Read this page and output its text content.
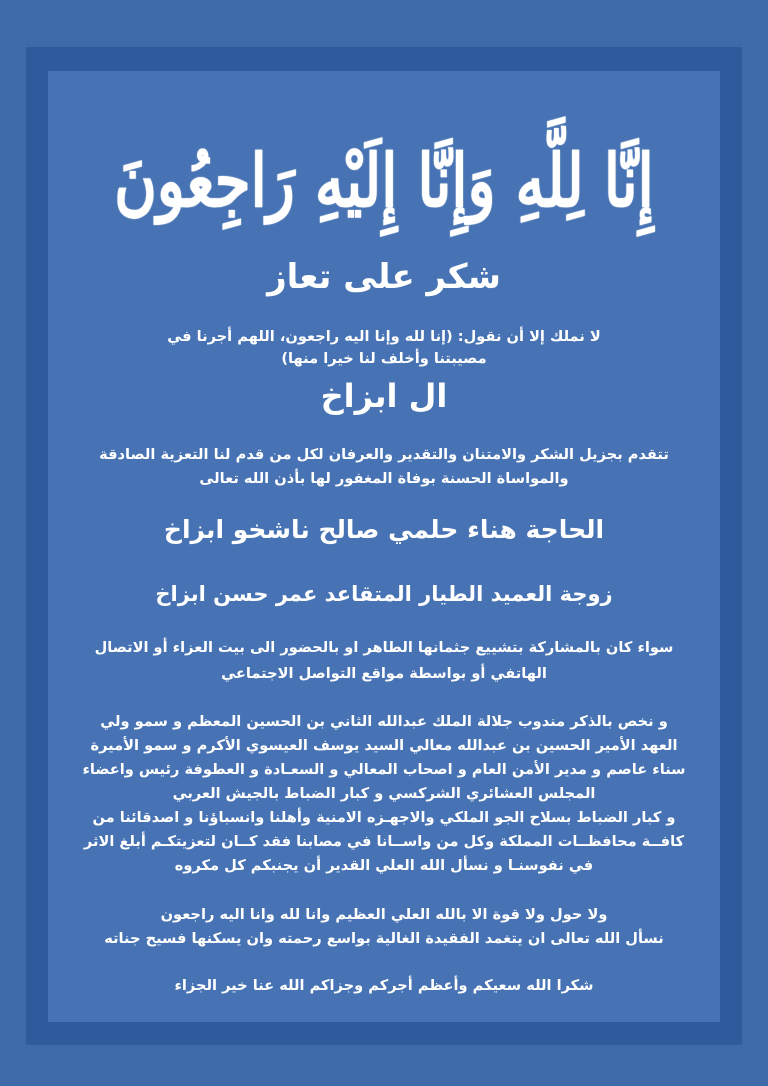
إِنَّا لِلَّهِ وَإِنَّا إِلَيْهِ رَاجِعُونَ
شكر على تعاز
لا نملك إلا أن نقول: (إنا لله وإنا اليه راجعون، اللهم أجرنا في
مصيبتنا وأخلف لنا خيرا منها)
ال ابزاخ
تتقدم بجزيل الشكر والامتنان والتقدير والعرفان لكل من قدم لنا التعزية الصادقة
والمواساة الحسنة بوفاة المغفور لها بأذن الله تعالى
الحاجة هناء حلمي صالح ناشخو ابزاخ
زوجة العميد الطيار المتقاعد عمر حسن ابزاخ
سواء كان بالمشاركة بتشييع جثمانها الطاهر او بالحضور الى بيت العزاء أو الاتصال
الهاتفي أو بواسطة مواقع التواصل الاجتماعي
و نخص بالذكر مندوب جلالة الملك عبدالله الثاني بن الحسين المعظم و سمو ولي
العهد الأمير الحسين بن عبدالله معالي السيد يوسف العيسوي الأكرم و سمو الأميرة
سناء عاصم و مدير الأمن العام و اصحاب المعالي و السعـادة و العطوفة رئيس واعضاء
المجلس العشائري الشركسي و كبار الضباط بالجيش العربي
و كبار الضباط بسلاح الجو الملكي والاجهـزه الامنية وأهلنا وانسباؤنا و اصدقائنا من
كافــة محافظــات المملكة وكل من واســانا في مصابنا فقد كــان لتعزيتكـم أبلغ الاثر
في نفوسنـا و نسأل الله العلي القدير أن يجنبكم كل مكروه
ولا حول ولا قوة الا بالله العلي العظيم وانا لله وانا اليه راجعون
نسأل الله تعالى ان يتغمد الفقيدة الغالية بواسع رحمته وان يسكنها فسيح جناته
شكرا الله سعيكم وأعظم أجركم وجزاكم الله عنا خير الجزاء
